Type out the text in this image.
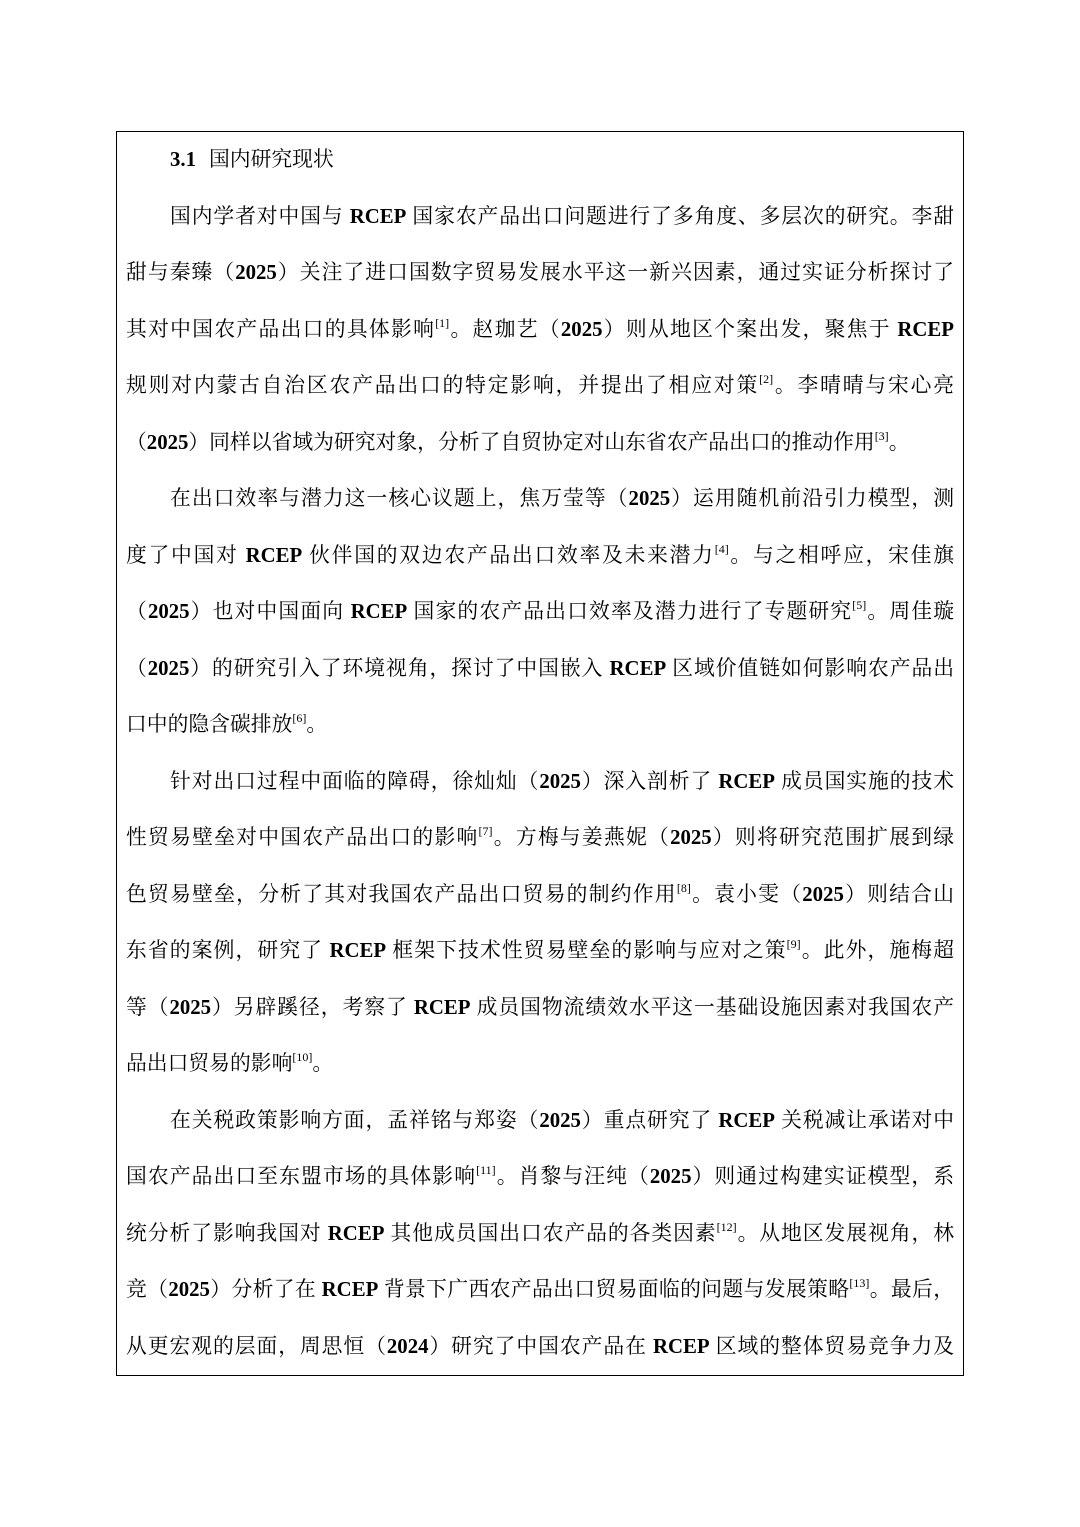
3.1 国内研究现状
国内学者对中国与 RCEP 国家农产品出口问题进行了多角度、多层次的研究。李甜
甜与秦臻（2025）关注了进口国数字贸易发展水平这一新兴因素，通过实证分析探讨了
其对中国农产品出口的具体影响[1]。赵珈艺（2025）则从地区个案出发，聚焦于 RCEP
规则对内蒙古自治区农产品出口的特定影响，并提出了相应对策[2]。李晴晴与宋心亮
（2025）同样以省域为研究对象，分析了自贸协定对山东省农产品出口的推动作用[3]。
在出口效率与潜力这一核心议题上，焦万莹等（2025）运用随机前沿引力模型，测
度了中国对 RCEP 伙伴国的双边农产品出口效率及未来潜力[4]。与之相呼应，宋佳旗
（2025）也对中国面向 RCEP 国家的农产品出口效率及潜力进行了专题研究[5]。周佳璇
（2025）的研究引入了环境视角，探讨了中国嵌入 RCEP 区域价值链如何影响农产品出
口中的隐含碳排放[6]。
针对出口过程中面临的障碍，徐灿灿（2025）深入剖析了 RCEP 成员国实施的技术
性贸易壁垒对中国农产品出口的影响[7]。方梅与姜燕妮（2025）则将研究范围扩展到绿
色贸易壁垒，分析了其对我国农产品出口贸易的制约作用[8]。袁小雯（2025）则结合山
东省的案例，研究了 RCEP 框架下技术性贸易壁垒的影响与应对之策[9]。此外，施梅超
等（2025）另辟蹊径，考察了 RCEP 成员国物流绩效水平这一基础设施因素对我国农产
品出口贸易的影响[10]。
在关税政策影响方面，孟祥铭与郑姿（2025）重点研究了 RCEP 关税减让承诺对中
国农产品出口至东盟市场的具体影响[11]。肖黎与汪纯（2025）则通过构建实证模型，系
统分析了影响我国对 RCEP 其他成员国出口农产品的各类因素[12]。从地区发展视角，林
竞（2025）分析了在 RCEP 背景下广西农产品出口贸易面临的问题与发展策略[13]。最后，
从更宏观的层面，周思恒（2024）研究了中国农产品在 RCEP 区域的整体贸易竞争力及
